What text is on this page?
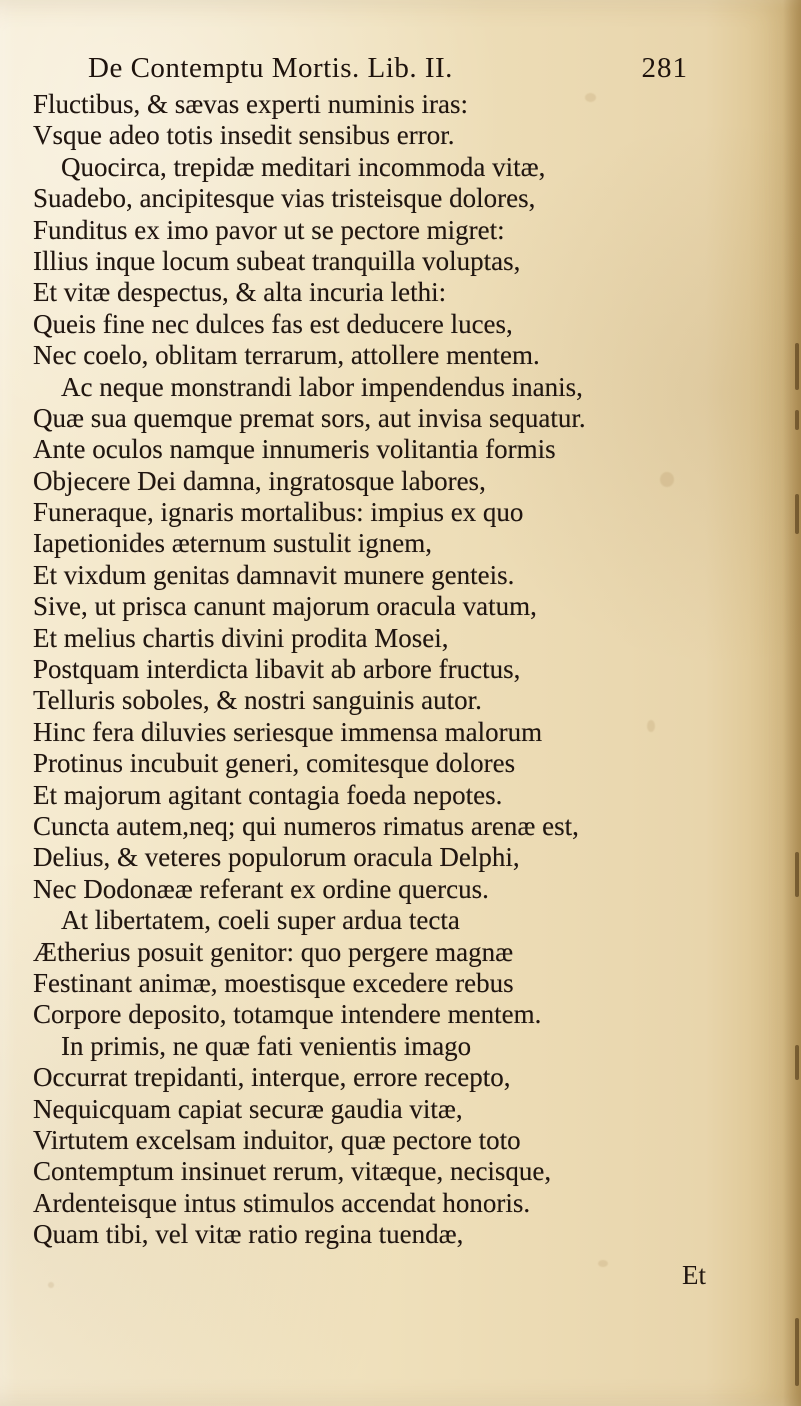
De Contemptu Mortis. Lib. II.	281
Fluctibus, & sævas experti numinis iras:
Vsque adeo totis insedit sensibus error.
Quocirca, trepidæ meditari incommoda vitæ,
Suadebo, ancipitesque vias tristeisque dolores,
Funditus ex imo pavor ut se pectore migret:
Illius inque locum subeat tranquilla voluptas,
Et vitæ despectus, & alta incuria lethi:
Queis fine nec dulces fas est deducere luces,
Nec coelo, oblitam terrarum, attollere mentem.
Ac neque monstrandi labor impendendus inanis,
Quæ sua quemque premat sors, aut invisa sequatur.
Ante oculos namque innumeris volitantia formis
Objecere Dei damna, ingratosque labores,
Funeraque, ignaris mortalibus: impius ex quo
Iapetionides æternum sustulit ignem,
Et vixdum genitas damnavit munere genteis.
Sive, ut prisca canunt majorum oracula vatum,
Et melius chartis divini prodita Mosei,
Postquam interdicta libavit ab arbore fructus,
Telluris soboles, & nostri sanguinis autor.
Hinc fera diluvies seriesque immensa malorum
Protinus incubuit generi, comitesque dolores
Et majorum agitant contagia foeda nepotes.
Cuncta autem,neq; qui numeros rimatus arenæ est,
Delius, & veteres populorum oracula Delphi,
Nec Dodonææ referant ex ordine quercus.
At libertatem, coeli super ardua tecta
Ætherius posuit genitor: quo pergere magnæ
Festinant animæ, moestisque excedere rebus
Corpore deposito, totamque intendere mentem.
In primis, ne quæ fati venientis imago
Occurrat trepidanti, interque, errore recepto,
Nequicquam capiat securæ gaudia vitæ,
Virtutem excelsam induitor, quæ pectore toto
Contemptum insinuet rerum, vitæque, necisque,
Ardenteisque intus stimulos accendat honoris.
Quam tibi, vel vitæ ratio regina tuendæ,
Et
